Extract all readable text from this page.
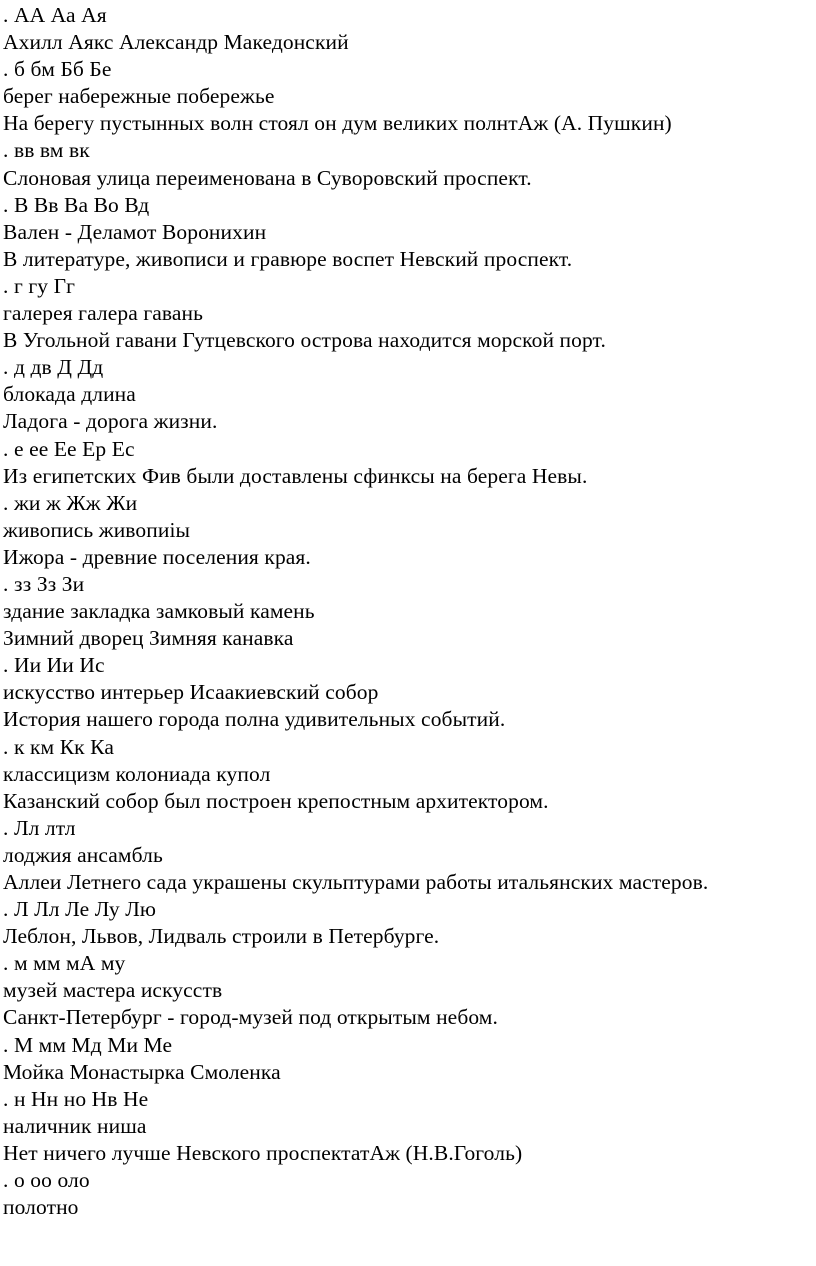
. АА Аа Ая
Ахилл Аякс Александр Македонский
. б бм Бб Бе
берег набережные побережье
На берегу пустынных волн стоял он дум великих полнтАж (А. Пушкин)
. вв вм вк
Слоновая улица переименована в Суворовский проспект.
. В Вв Ва Во Вд
Вален - Деламот Воронихин
В литературе, живописи и гравюре воспет Невский проспект.
. г гу Гг
галерея галера гавань
В Угольной гавани Гутцевского острова находится морской порт.
. д дв Д Дд
блокада длина
Ладога - дорога жизни.
. е ее Ее Ер Ес
Из египетских Фив были доставлены сфинксы на берега Невы.
. жи ж Жж Жи
живопись живопиiы
Ижора - древние поселения края.
. зз Зз Зи
здание закладка замковый камень
Зимний дворец Зимняя канавка
. Ии Ии Ис
искусство интерьер Исаакиевский собор
История нашего города полна удивительных событий.
. к км Кк Ка
классицизм колониада купол
Казанский собор был построен крепостным архитектором.
. Лл лтл
лоджия ансамбль
Аллеи Летнего сада украшены скульптурами работы итальянских мастеров.
. Л Лл Ле Лу Лю
Леблон, Львов, Лидваль строили в Петербурге.
. м мм мА му
музей мастера искусств
Санкт-Петербург - город-музей под открытым небом.
. М мм Мд Ми Ме
Мойка Монастырка Смоленка
. н Нн но Нв Не
наличник ниша
Нет ничего лучше Невского проспектатАж (Н.В.Гоголь)
. о оо оло
полотно
